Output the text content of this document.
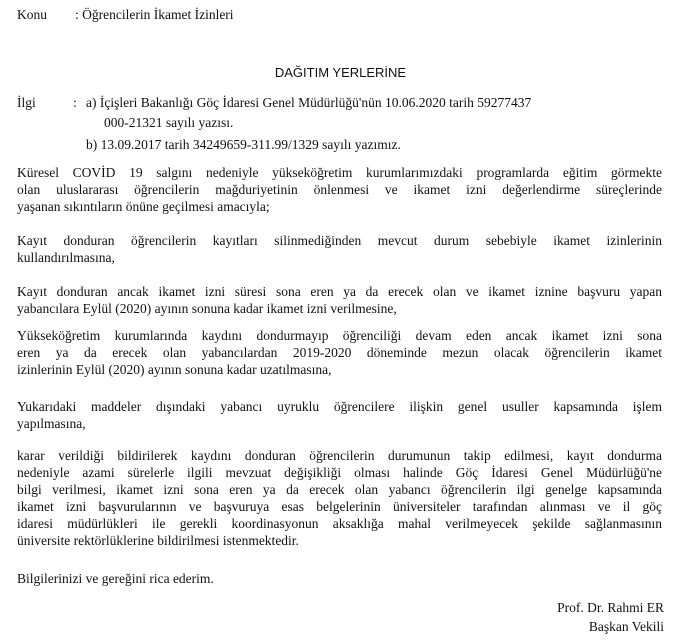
Konu : Öğrencilerin İkamet İzinleri
DAĞITIM YERLERİNE
İlgi	: a) İçişleri Bakanlığı Göç İdaresi Genel Müdürlüğü'nün 10.06.2020 tarih 59277437
000-21321 sayılı yazısı.
b) 13.09.2017 tarih 34249659-311.99/1329 sayılı yazımız.
Küresel COVİD 19 salgını nedeniyle yükseköğretim kurumlarımızdaki programlarda eğitim görmekte
olan uluslararası öğrencilerin mağduriyetinin önlenmesi ve ikamet izni değerlendirme süreçlerinde
yaşanan sıkıntıların önüne geçilmesi amacıyla;
Kayıt donduran öğrencilerin kayıtları silinmediğinden mevcut durum sebebiyle ikamet izinlerinin
kullandırılmasına,
Kayıt donduran ancak ikamet izni süresi sona eren ya da erecek olan ve ikamet iznine başvuru yapan
yabancılara Eylül (2020) ayının sonuna kadar ikamet izni verilmesine,
Yükseköğretim kurumlarında kaydını dondurmayıp öğrenciliği devam eden ancak ikamet izni sona
eren ya da erecek olan yabancılardan 2019-2020 döneminde mezun olacak öğrencilerin ikamet
izinlerinin Eylül (2020) ayının sonuna kadar uzatılmasına,
Yukarıdaki maddeler dışındaki yabancı uyruklu öğrencilere ilişkin genel usuller kapsamında işlem
yapılmasına,
karar verildiği bildirilerek kaydını donduran öğrencilerin durumunun takip edilmesi, kayıt dondurma
nedeniyle azami sürelerle ilgili mevzuat değişikliği olması halinde Göç İdaresi Genel Müdürlüğü'ne
bilgi verilmesi, ikamet izni sona eren ya da erecek olan yabancı öğrencilerin ilgi genelge kapsamında
ikamet izni başvurularının ve başvuruya esas belgelerinin üniversiteler tarafından alınması ve il göç
idaresi müdürlükleri ile gerekli koordinasyonun aksaklığa mahal verilmeyecek şekilde sağlanmasının
üniversite rektörlüklerine bildirilmesi istenmektedir.
Bilgilerinizi ve gereğini rica ederim.
Prof. Dr. Rahmi ER
Başkan Vekili
